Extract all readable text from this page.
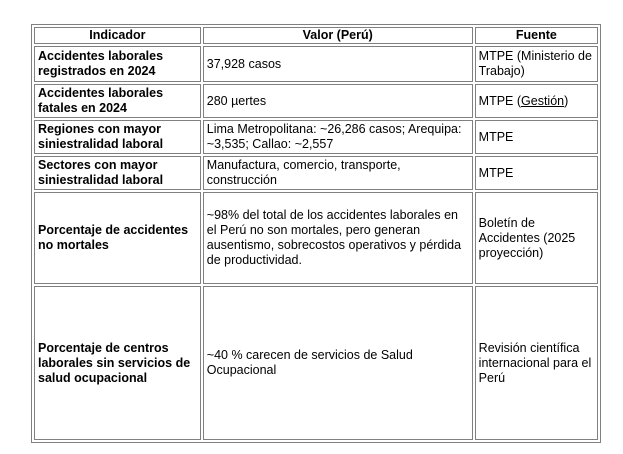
Indicador	Valor (Perú)	Fuente
Accidentes laborales registrados en 2024	37,928 casos	MTPE (Ministerio de Trabajo)
Accidentes laborales fatales en 2024	280 µertes	MTPE (Gestión)
Regiones con mayor siniestralidad laboral	Lima Metropolitana: ~26,286 casos; Arequipa: ~3,535; Callao: ~2,557	MTPE
Sectores con mayor siniestralidad laboral	Manufactura, comercio, transporte, construcción	MTPE
Porcentaje de accidentes no mortales	~98% del total de los accidentes laborales en el Perú no son mortales, pero generan ausentismo, sobrecostos operativos y pérdida de productividad.	Boletín de Accidentes (2025 proyección)
Porcentaje de centros laborales sin servicios de salud ocupacional	~40 % carecen de servicios de Salud Ocupacional	Revisión científica internacional para el Perú
